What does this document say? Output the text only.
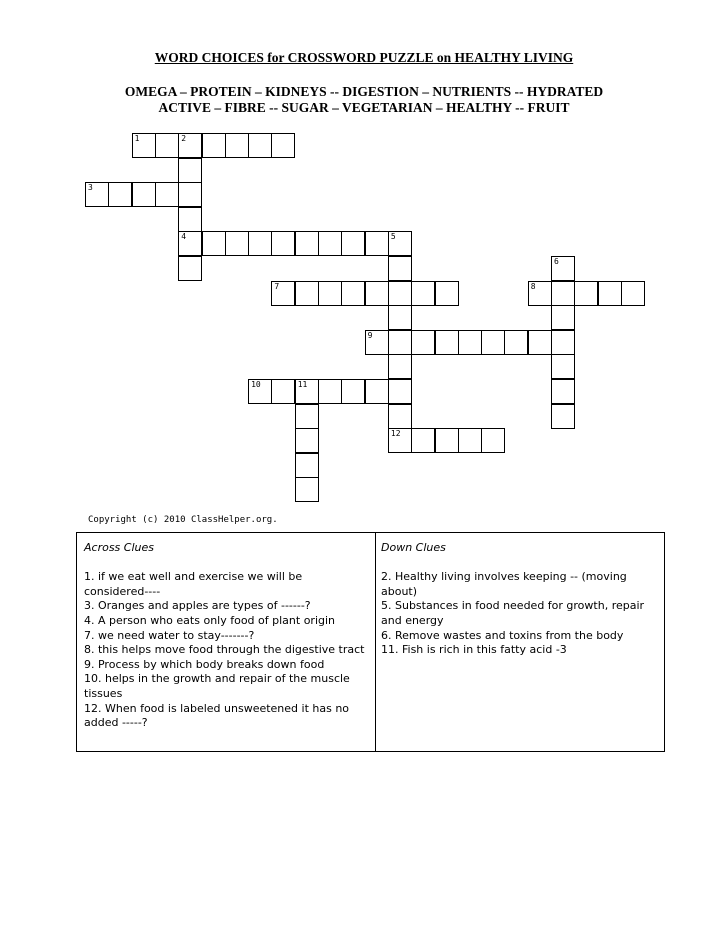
WORD CHOICES for CROSSWORD PUZZLE on HEALTHY LIVING
OMEGA – PROTEIN – KIDNEYS -- DIGESTION – NUTRIENTS -- HYDRATED
ACTIVE – FIBRE -- SUGAR – VEGETARIAN – HEALTHY -- FRUIT
1	2
4
3
5
12
6
7	8
9
10	11
Copyright (c) 2010 ClassHelper.org.
Across Clues
1. if we eat well and exercise we will be considered----
3. Oranges and apples are types of ------?
4. A person who eats only food of plant origin
7. we need water to stay-------?
8. this helps move food through the digestive tract
9. Process by which body breaks down food
10. helps in the growth and repair of the muscle tissues
12. When food is labeled unsweetened it has no added -----?
Down Clues
2. Healthy living involves keeping -- (moving about)
5. Substances in food needed for growth, repair and energy
6. Remove wastes and toxins from the body
11. Fish is rich in this fatty acid -3
